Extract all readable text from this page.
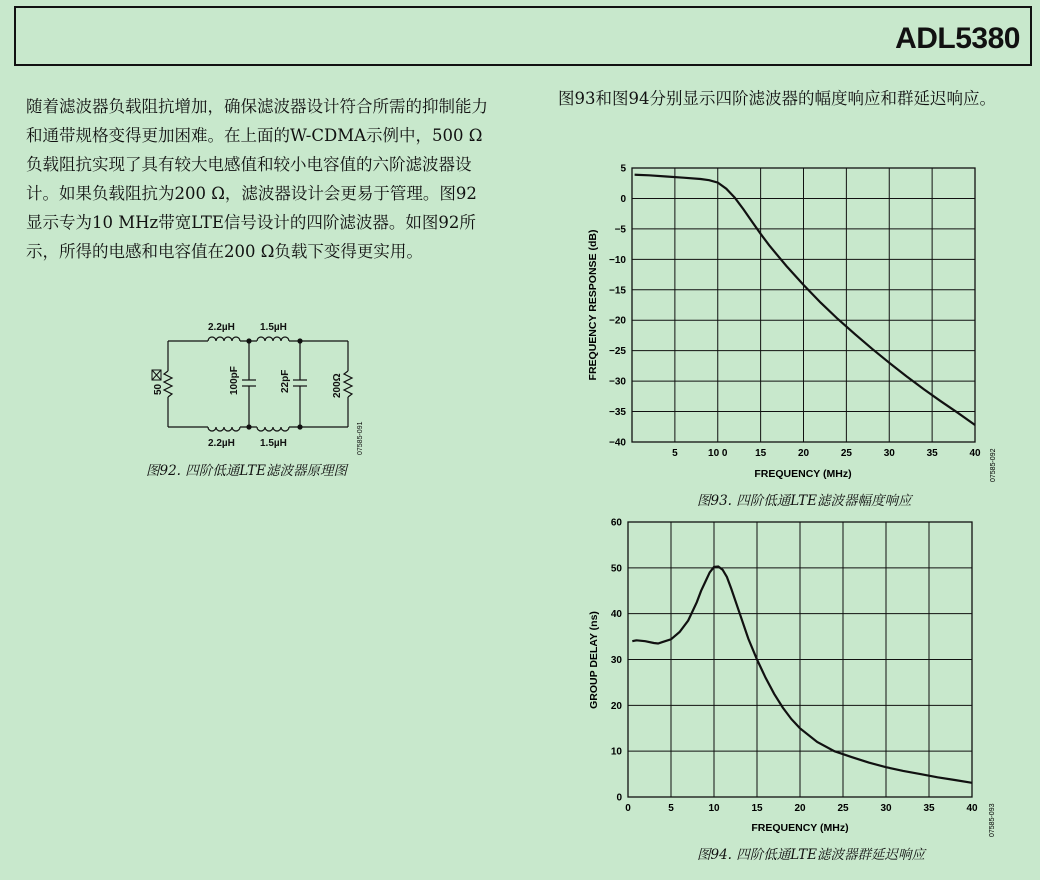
ADL5380

随着滤波器负载阻抗增加，确保滤波器设计符合所需的抑制能力和通带规格变得更加困难。在上面的W-CDMA示例中，500 Ω负载阻抗实现了具有较大电感值和较小电容值的六阶滤波器设计。如果负载阻抗为200 Ω，滤波器设计会更易于管理。图92显示专为10 MHz带宽LTE信号设计的四阶滤波器。如图92所示，所得的电感和电容值在200 Ω负载下变得更实用。

图93和图94分别显示四阶滤波器的幅度响应和群延迟响应。

2.2µH	1.5µH
2.2µH	1.5µH
100pF	22pF	200Ω
50
07585-091
图92. 四阶低通LTE滤波器原理图
5
0
−5
−10
−15
−20
−25
−30
−35
−40
5	10 0	15	20	25	30	35	40
FREQUENCY (MHz)
FREQUENCY RESPONSE (dB)
07585-092
图93. 四阶低通LTE滤波器幅度响应
0
10
20
30
40
50
60
0	5	10	15	20	25	30	35	40
FREQUENCY (MHz)
GROUP DELAY (ns)
07585-093
图94. 四阶低通LTE滤波器群延迟响应
